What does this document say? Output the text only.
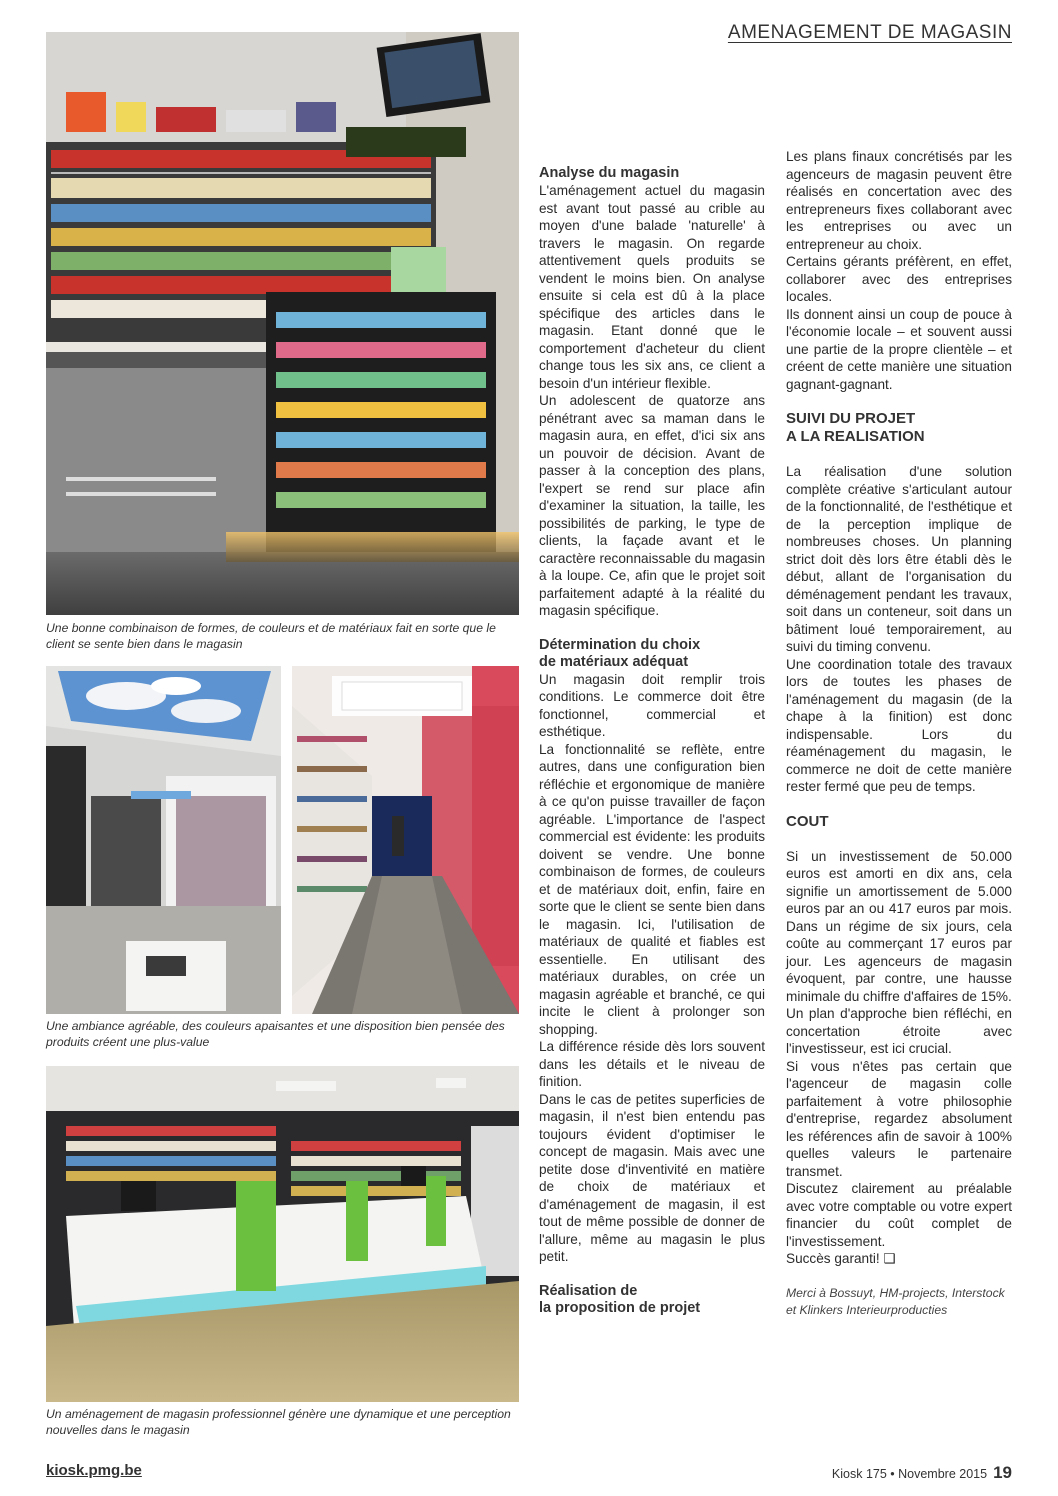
AMENAGEMENT DE MAGASIN
Une bonne combinaison de formes, de couleurs et de matériaux fait en sorte que le client se sente bien dans le magasin
Une ambiance agréable, des couleurs apaisantes et une disposition bien pensée des produits créent une plus-value
Un aménagement de magasin professionnel génère une dynamique et une perception nouvelles dans le magasin
Analyse du magasin

L'aménagement actuel du magasin est avant tout passé au crible au moyen d'une balade 'naturelle' à travers le magasin. On regarde attentivement quels produits se vendent le moins bien. On analyse ensuite si cela est dû à la place spécifique des articles dans le magasin. Etant donné que le comportement d'acheteur du client change tous les six ans, ce client a besoin d'un intérieur flexible.

Un adolescent de quatorze ans pénétrant avec sa maman dans le magasin aura, en effet, d'ici six ans un pouvoir de décision. Avant de passer à la conception des plans, l'expert se rend sur place afin d'examiner la situation, la taille, les possibilités de parking, le type de clients, la façade avant et le caractère reconnaissable du magasin à la loupe. Ce, afin que le projet soit parfaitement adapté à la réalité du magasin spécifique.

Détermination du choix
de matériaux adéquat

Un magasin doit remplir trois conditions. Le commerce doit être fonctionnel, commercial et esthétique.

La fonctionnalité se reflète, entre autres, dans une configuration bien réfléchie et ergonomique de manière à ce qu'on puisse travailler de façon agréable. L'importance de l'aspect commercial est évidente: les produits doivent se vendre. Une bonne combinaison de formes, de couleurs et de matériaux doit, enfin, faire en sorte que le client se sente bien dans le magasin. Ici, l'utilisation de matériaux de qualité et fiables est essentielle. En utilisant des matériaux durables, on crée un magasin agréable et branché, ce qui incite le client à prolonger son shopping.

La différence réside dès lors souvent dans les détails et le niveau de finition.

Dans le cas de petites superficies de magasin, il n'est bien entendu pas toujours évident d'optimiser le concept de magasin. Mais avec une petite dose d'inventivité en matière de choix de matériaux et d'aménagement de magasin, il est tout de même possible de donner de l'allure, même au magasin le plus petit.

Réalisation de
la proposition de projet

Les plans finaux concrétisés par les agenceurs de magasin peuvent être réalisés en concertation avec des entrepreneurs fixes collaborant avec les entreprises ou avec un entrepreneur au choix.

Certains gérants préfèrent, en effet, collaborer avec des entreprises locales.

Ils donnent ainsi un coup de pouce à l'économie locale – et souvent aussi une partie de la propre clientèle – et créent de cette manière une situation gagnant-gagnant.

SUIVI DU PROJET
A LA REALISATION

La réalisation d'une solution complète créative s'articulant autour de la fonctionnalité, de l'esthétique et de la perception implique de nombreuses choses. Un planning strict doit dès lors être établi dès le début, allant de l'organisation du déménagement pendant les travaux, soit dans un conteneur, soit dans un bâtiment loué temporairement, au suivi du timing convenu.

Une coordination totale des travaux lors de toutes les phases de l'aménagement du magasin (de la chape à la finition) est donc indispensable. Lors du réaménagement du magasin, le commerce ne doit de cette manière rester fermé que peu de temps.

COUT

Si un investissement de 50.000 euros est amorti en dix ans, cela signifie un amortissement de 5.000 euros par an ou 417 euros par mois. Dans un régime de six jours, cela coûte au commerçant 17 euros par jour. Les agenceurs de magasin évoquent, par contre, une hausse minimale du chiffre d'affaires de 15%.

Un plan d'approche bien réfléchi, en concertation étroite avec l'investisseur, est ici crucial.

Si vous n'êtes pas certain que l'agenceur de magasin colle parfaitement à votre philosophie d'entreprise, regardez absolument les références afin de savoir à 100% quelles valeurs le partenaire transmet.

Discutez clairement au préalable avec votre comptable ou votre expert financier du coût complet de l'investissement.

Succès garanti! ❑

Merci à Bossuyt, HM-projects, Interstock et Klinkers Interieurproducties
kiosk.pmg.be	Kiosk 175 • Novembre 2015 19
